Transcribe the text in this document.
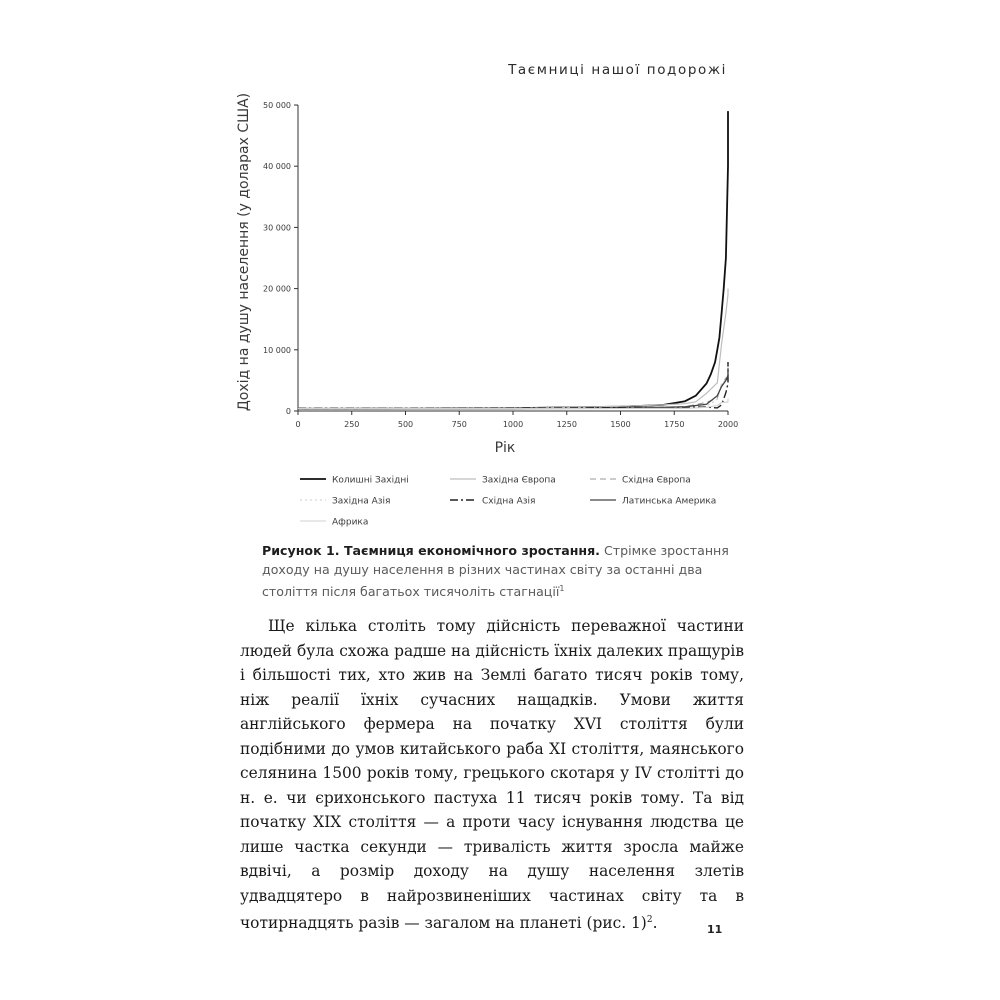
Таємниці нашої подорожі
Дохід на душу населення (у доларах США)
Рік
0
10 000
20 000
30 000
40 000
50 000
0	250	500	750	1000	1250	1500	1750	2000
Колишні Західні	Західна Європа	Східна Європа
Західна Азія	Східна Азія	Латинська Америка
Африка
Рисунок 1. Таємниця економічного зростання. Стрімке зростання доходу на душу населення в різних частинах світу за останні два століття після багатьох тисячоліть стагнації$^1$

Ще кілька століть тому дійсність переважної частини людей була схожа радше на дійсність їхніх далеких пращурів і більшості тих, хто жив на Землі багато тисяч років тому, ніж реалії їхніх сучасних нащадків. Умови життя англійського фермера на початку XVI століття були подібними до умов китайського раба XI століття, маянського селянина 1500 років тому, грецького скотаря у IV столітті до н. е. чи єрихонського пастуха 11 тисяч років тому. Та від початку XIX століття — а проти часу існування людства це лише частка секунди — тривалість життя зросла майже вдвічі, а розмір доходу на душу населення злетів удвадцятеро в найрозвиненіших частинах світу та в чотирнадцять разів — загалом на планеті (рис. 1)$^2$.	11
